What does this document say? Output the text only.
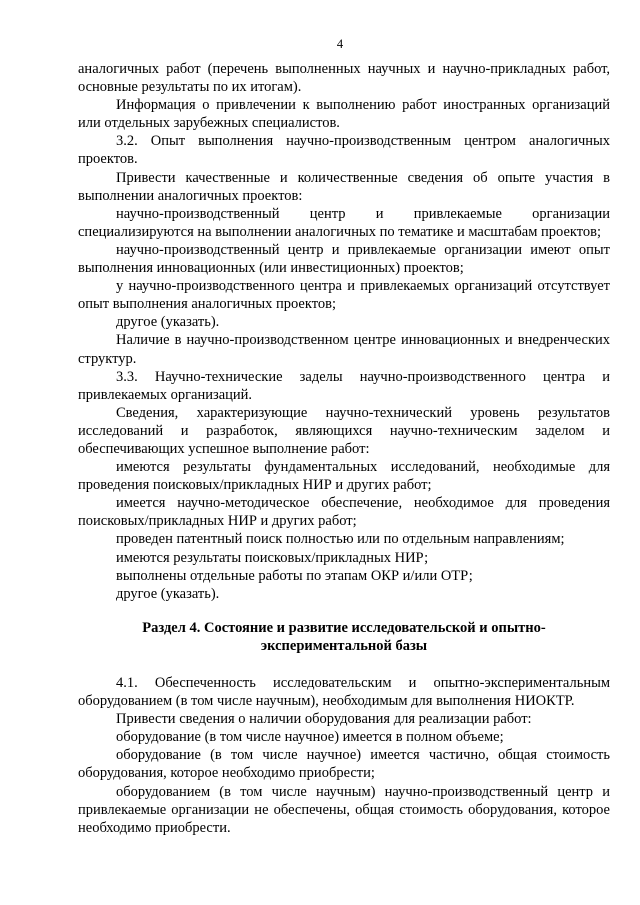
4

аналогичных работ (перечень выполненных научных и научно-прикладных работ, основные результаты по их итогам).

Информация о привлечении к выполнению работ иностранных организаций или отдельных зарубежных специалистов.

3.2. Опыт выполнения научно-производственным центром аналогичных проектов.

Привести качественные и количественные сведения об опыте участия в выполнении аналогичных проектов:

научно-производственный центр и привлекаемые организации специализируются на выполнении аналогичных по тематике и масштабам проектов;

научно-производственный центр и привлекаемые организации имеют опыт выполнения инновационных (или инвестиционных) проектов;

у научно-производственного центра и привлекаемых организаций отсутствует опыт выполнения аналогичных проектов;

другое (указать).

Наличие в научно-производственном центре инновационных и внедренческих структур.

3.3. Научно-технические заделы научно-производственного центра и привлекаемых организаций.

Сведения, характеризующие научно-технический уровень результатов исследований и разработок, являющихся научно-техническим заделом и обеспечивающих успешное выполнение работ:

имеются результаты фундаментальных исследований, необходимые для проведения поисковых/прикладных НИР и других работ;

имеется научно-методическое обеспечение, необходимое для проведения поисковых/прикладных НИР и других работ;

проведен патентный поиск полностью или по отдельным направлениям;

имеются результаты поисковых/прикладных НИР;

выполнены отдельные работы по этапам ОКР и/или ОТР;

другое (указать).

Раздел 4. Состояние и развитие исследовательской и опытно-экспериментальной базы

4.1. Обеспеченность исследовательским и опытно-экспериментальным оборудованием (в том числе научным), необходимым для выполнения НИОКТР.

Привести сведения о наличии оборудования для реализации работ:

оборудование (в том числе научное) имеется в полном объеме;

оборудование (в том числе научное) имеется частично, общая стоимость оборудования, которое необходимо приобрести;

оборудованием (в том числе научным) научно-производственный центр и привлекаемые организации не обеспечены, общая стоимость оборудования, которое необходимо приобрести.
